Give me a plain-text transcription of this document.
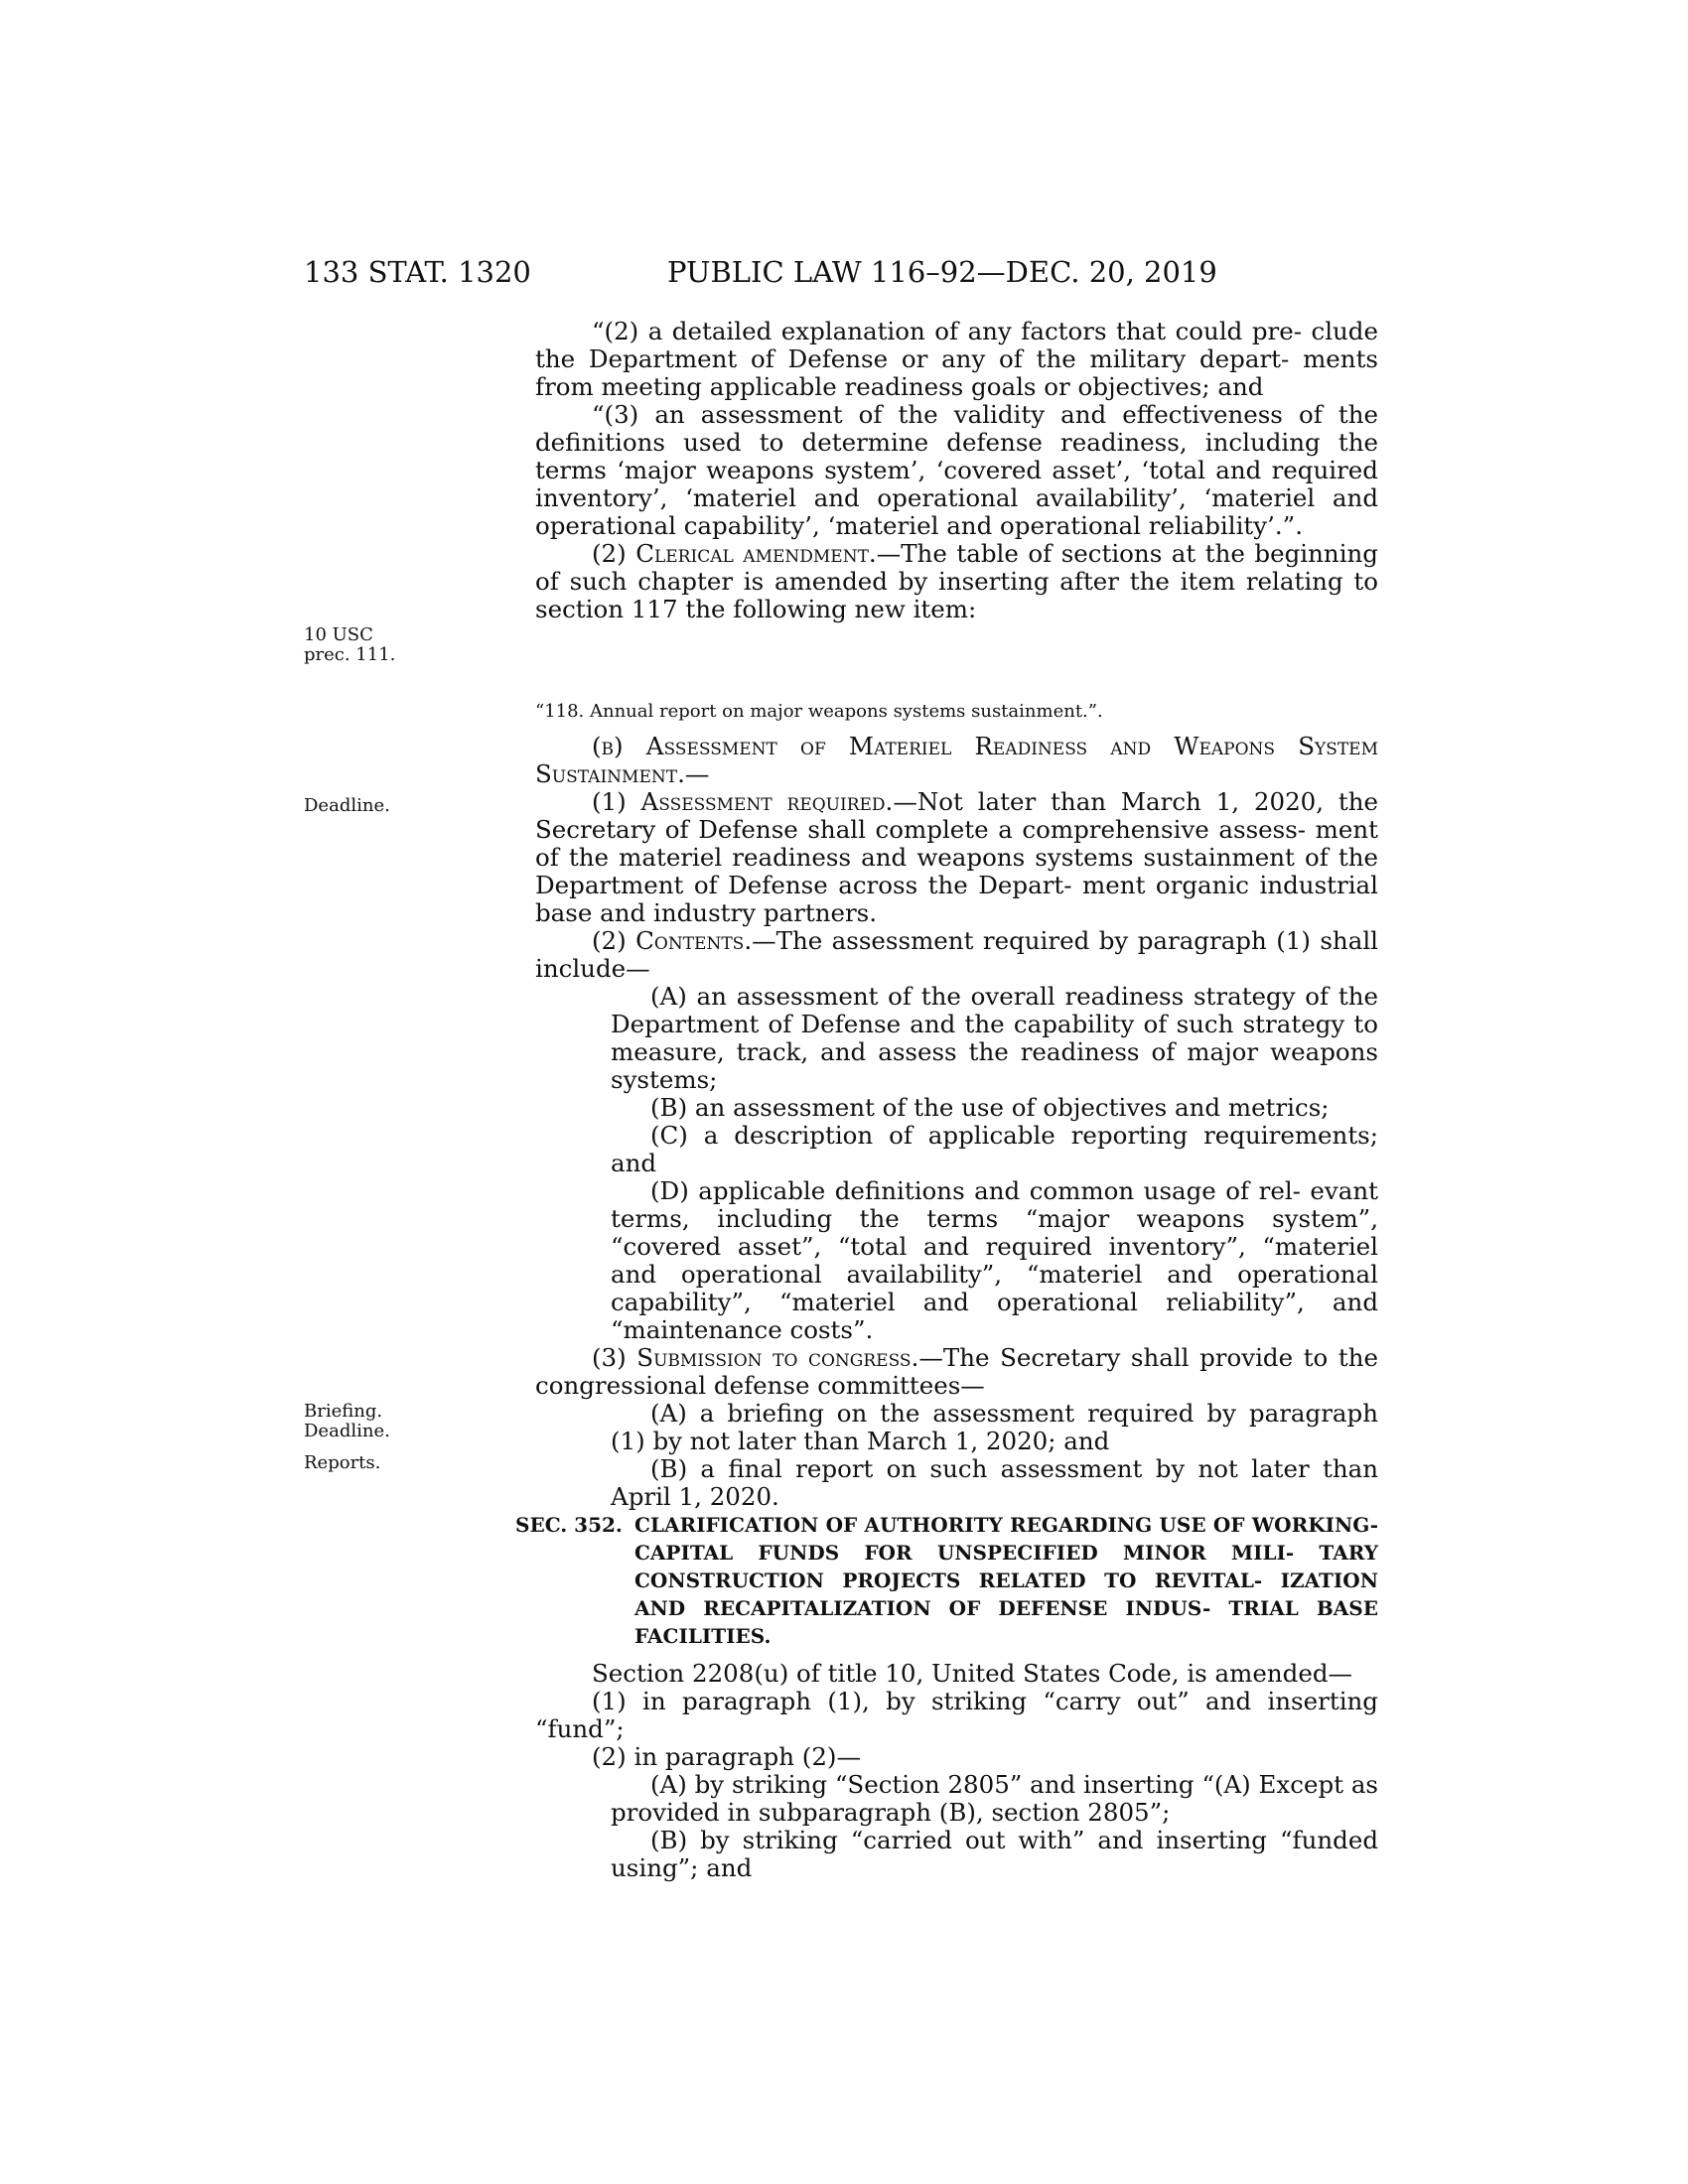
133 STAT. 1320	PUBLIC LAW 116–92—DEC. 20, 2019
10 USC
prec. 111.
Deadline.
Briefing.
Deadline.
Reports.

“(2) a detailed explanation of any factors that could pre- clude the Department of Defense or any of the military depart- ments from meeting applicable readiness goals or objectives; and

“(3) an assessment of the validity and effectiveness of the definitions used to determine defense readiness, including the terms ‘major weapons system’, ‘covered asset’, ‘total and required inventory’, ‘materiel and operational availability’, ‘materiel and operational capability’, ‘materiel and operational reliability’.”.

(2) Clerical amendment.—The table of sections at the beginning of such chapter is amended by inserting after the item relating to section 117 the following new item:

“118. Annual report on major weapons systems sustainment.”.

(b) Assessment of Materiel Readiness and Weapons System Sustainment.—

(1) Assessment required.—Not later than March 1, 2020, the Secretary of Defense shall complete a comprehensive assess- ment of the materiel readiness and weapons systems sustainment of the Department of Defense across the Depart- ment organic industrial base and industry partners.

(2) Contents.—The assessment required by paragraph (1) shall include—

(A) an assessment of the overall readiness strategy of the Department of Defense and the capability of such strategy to measure, track, and assess the readiness of major weapons systems;

(B) an assessment of the use of objectives and metrics;

(C) a description of applicable reporting requirements; and

(D) applicable definitions and common usage of rel- evant terms, including the terms “major weapons system”, “covered asset”, “total and required inventory”, “materiel and operational availability”, “materiel and operational capability”, “materiel and operational reliability”, and “maintenance costs”.

(3) Submission to congress.—The Secretary shall provide to the congressional defense committees—

(A) a briefing on the assessment required by paragraph (1) by not later than March 1, 2020; and

(B) a final report on such assessment by not later than April 1, 2020.

SEC. 352. CLARIFICATION OF AUTHORITY REGARDING USE OF WORKING-CAPITAL FUNDS FOR UNSPECIFIED MINOR MILI- TARY CONSTRUCTION PROJECTS RELATED TO REVITAL- IZATION AND RECAPITALIZATION OF DEFENSE INDUS- TRIAL BASE FACILITIES.

Section 2208(u) of title 10, United States Code, is amended—

(1) in paragraph (1), by striking “carry out” and inserting “fund”;

(2) in paragraph (2)—

(A) by striking “Section 2805” and inserting “(A) Except as provided in subparagraph (B), section 2805”;

(B) by striking “carried out with” and inserting “funded using”; and
